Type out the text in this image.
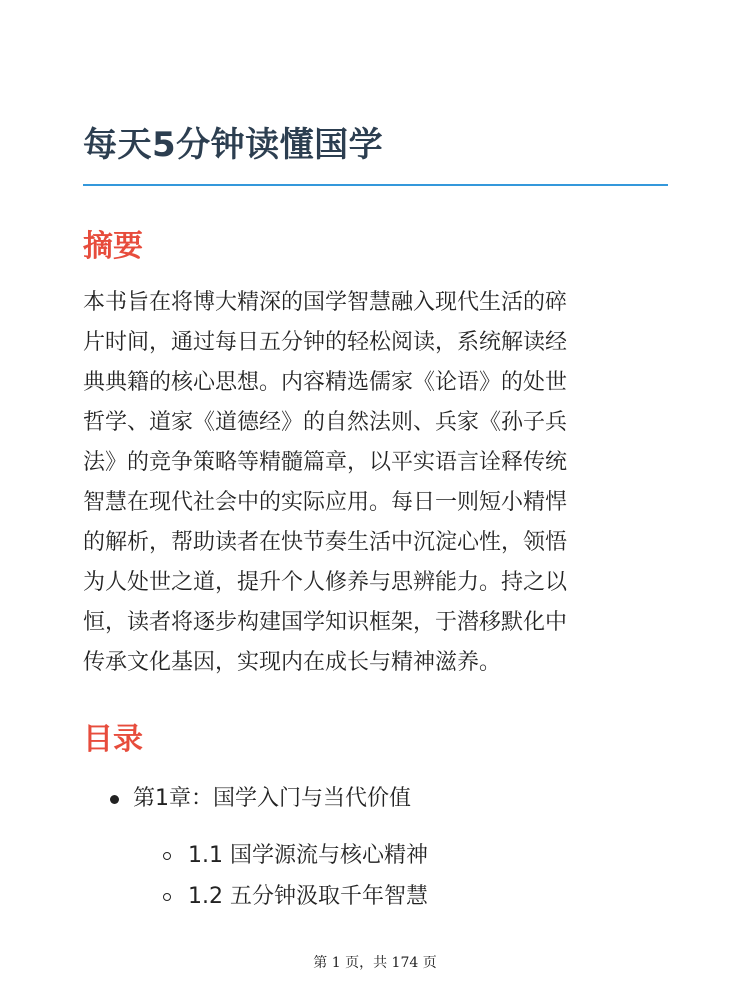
每天5分钟读懂国学
摘要

本书旨在将博大精深的国学智慧融入现代生活的碎
片时间，通过每日五分钟的轻松阅读，系统解读经
典典籍的核心思想。内容精选儒家《论语》的处世
哲学、道家《道德经》的自然法则、兵家《孙子兵
法》的竞争策略等精髓篇章，以平实语言诠释传统
智慧在现代社会中的实际应用。每日一则短小精悍
的解析，帮助读者在快节奏生活中沉淀心性，领悟
为人处世之道，提升个人修养与思辨能力。持之以
恒，读者将逐步构建国学知识框架，于潜移默化中
传承文化基因，实现内在成长与精神滋养。

目录
第1章：国学入门与当代价值
1.1 国学源流与核心精神
1.2 五分钟汲取千年智慧
第 1 页，共 174 页
